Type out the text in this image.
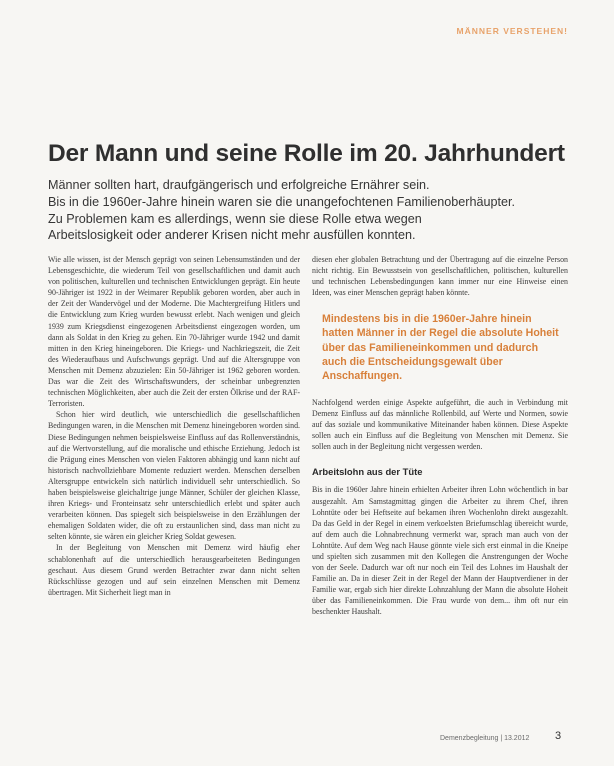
MÄNNER VERSTEHEN!
Der Mann und seine Rolle im 20. Jahrhundert
Männer sollten hart, draufgängerisch und erfolgreiche Ernährer sein.
Bis in die 1960er-Jahre hinein waren sie die unangefochtenen Familienoberhäupter.
Zu Problemen kam es allerdings, wenn sie diese Rolle etwa wegen
Arbeitslosigkeit oder anderer Krisen nicht mehr ausfüllen konnten.

Wie alle wissen, ist der Mensch geprägt von seinen Lebensumständen und der Lebensgeschichte, die wiederum Teil von gesellschaftlichen und damit auch von politischen, kulturellen und technischen Entwicklungen geprägt. Ein heute 90-Jähriger ist 1922 in der Weimarer Republik geboren worden, aber auch in der Zeit der Wandervögel und der Moderne. Die Machtergreifung Hitlers und die Entwicklung zum Krieg wurden bewusst erlebt. Nach wenigen und gleich 1939 zum Kriegsdienst eingezogenen Arbeitsdienst eingezogen worden, um dann als Soldat in den Krieg zu gehen. Ein 70-Jähriger wurde 1942 und damit mitten in den Krieg hineingeboren. Die Kriegs- und Nachkriegszeit, die Zeit des Wiederaufbaus und Aufschwungs geprägt. Und auf die Altersgruppe von Menschen mit Demenz abzuzielen: Ein 50-Jähriger ist 1962 geboren worden. Das war die Zeit des Wirtschaftswunders, der scheinbar unbegrenzten technischen Möglichkeiten, aber auch die Zeit der ersten Ölkrise und der RAF-Terroristen.

Schon hier wird deutlich, wie unterschiedlich die gesellschaftlichen Bedingungen waren, in die Menschen mit Demenz hineingeboren worden sind. Diese Bedingungen nehmen beispielsweise Einfluss auf das Rollenverständnis, auf die Wertvorstellung, auf die moralische und ethische Erziehung. Jedoch ist die Prägung eines Menschen von vielen Faktoren abhängig und kann nicht auf historisch nachvollziehbare Momente reduziert werden. Menschen derselben Altersgruppe entwickeln sich natürlich individuell sehr unterschiedlich. So haben beispielsweise gleichaltrige junge Männer, Schüler der gleichen Klasse, ihren Kriegs- und Fronteinsatz sehr unterschiedlich erlebt und später auch verarbeiten können. Das spiegelt sich beispielsweise in den Erzählungen der ehemaligen Soldaten wider, die oft zu erstaunlichen sind, dass man nicht zu selten könnte, sie wären ein gleicher Krieg Soldat gewesen.

In der Begleitung von Menschen mit Demenz wird häufig eher schablonenhaft auf die unterschiedlich herausgearbeiteten Bedingungen geschaut. Aus diesem Grund werden Betrachter zwar dann nicht selten Rückschlüsse gezogen und auf sein einzelnen Menschen mit Demenz übertragen. Mit Sicherheit liegt man in

diesen eher globalen Betrachtung und der Übertragung auf die einzelne Person nicht richtig. Ein Bewusstsein von gesellschaftlichen, politischen, kulturellen und technischen Lebensbedingungen kann immer nur eine Hinweise einen Ideen, was einer Menschen geprägt haben könnte.

Mindestens bis in die 1960er-Jahre hinein hatten Männer in der Regel die absolute Hoheit über das Familieneinkommen und dadurch auch die Entscheidungsgewalt über Anschaffungen.

Nachfolgend werden einige Aspekte aufgeführt, die auch in Verbindung mit Demenz Einfluss auf das männliche Rollenbild, auf Werte und Normen, sowie auf das soziale und kommunikative Miteinander haben können. Diese Aspekte sollen auch ein Einfluss auf die Begleitung von Menschen mit Demenz. Sie sollen auch in der Begleitung nicht vergessen werden.

Arbeitslohn aus der Tüte

Bis in die 1960er Jahre hinein erhielten Arbeiter ihren Lohn wöchentlich in bar ausgezahlt. Am Samstagmittag gingen die Arbeiter zu ihrem Chef, ihren Lohntüte oder bei Heftseite auf bekamen ihren Wochenlohn direkt ausgezahlt. Da das Geld in der Regel in einem verkoelsten Briefumschlag übereicht wurde, auf dem auch die Lohnabrechnung vermerkt war, sprach man auch von der Lohntüte. Auf dem Weg nach Hause gönnte viele sich erst einmal in die Kneipe und spielten sich zusammen mit den Kollegen die Anstrengungen der Woche von der Seele. Dadurch war oft nur noch ein Teil des Lohnes im Haushalt der Familie an. Da in dieser Zeit in der Regel der Mann der Hauptverdiener in der Familie war, ergab sich hier direkte Lohnzahlung der Mann die absolute Hoheit über das Familieneinkommen. Die Frau wurde von dem... ihm oft nur ein beschenkter Haushalt.

Demenzbegleitung | 13.2012	3
